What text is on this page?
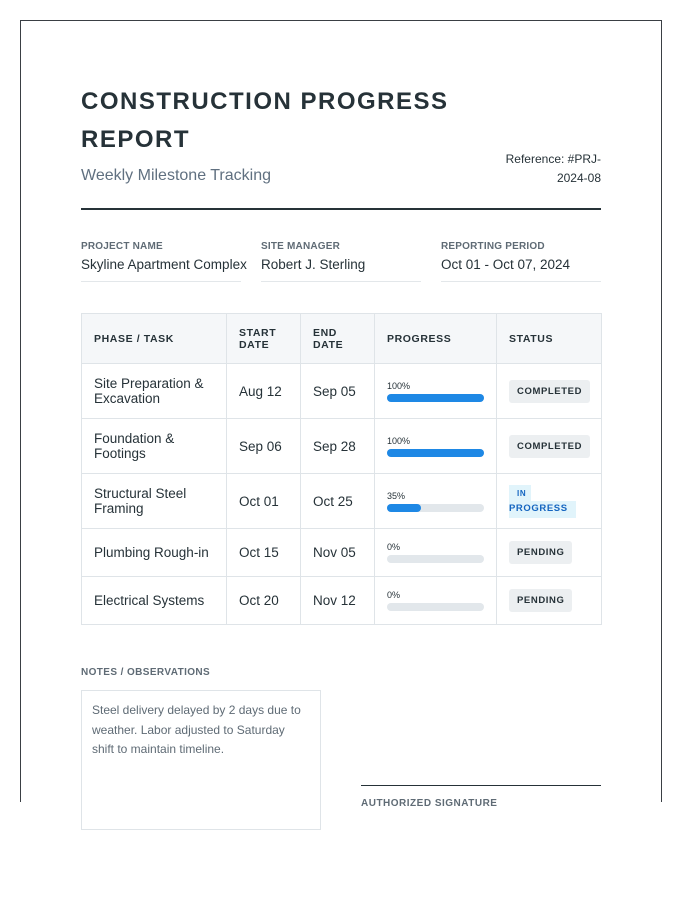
CONSTRUCTION PROGRESS REPORT
Weekly Milestone Tracking
Reference: #PRJ-2024-08
PROJECT NAME
Skyline Apartment Complex
SITE MANAGER
Robert J. Sterling
REPORTING PERIOD
Oct 01 - Oct 07, 2024
PHASE / TASK	START DATE	END DATE	PROGRESS	STATUS
Site Preparation & Excavation	Aug 12	Sep 05	100%	COMPLETED
Foundation & Footings	Sep 06	Sep 28	100%	COMPLETED
Structural Steel Framing	Oct 01	Oct 25	35%	IN
PROGRESS
Plumbing Rough-in	Oct 15	Nov 05	0%	PENDING
Electrical Systems	Oct 20	Nov 12	0%	PENDING
NOTES / OBSERVATIONS
Steel delivery delayed by 2 days due to weather. Labor adjusted to Saturday shift to maintain timeline.
AUTHORIZED SIGNATURE
